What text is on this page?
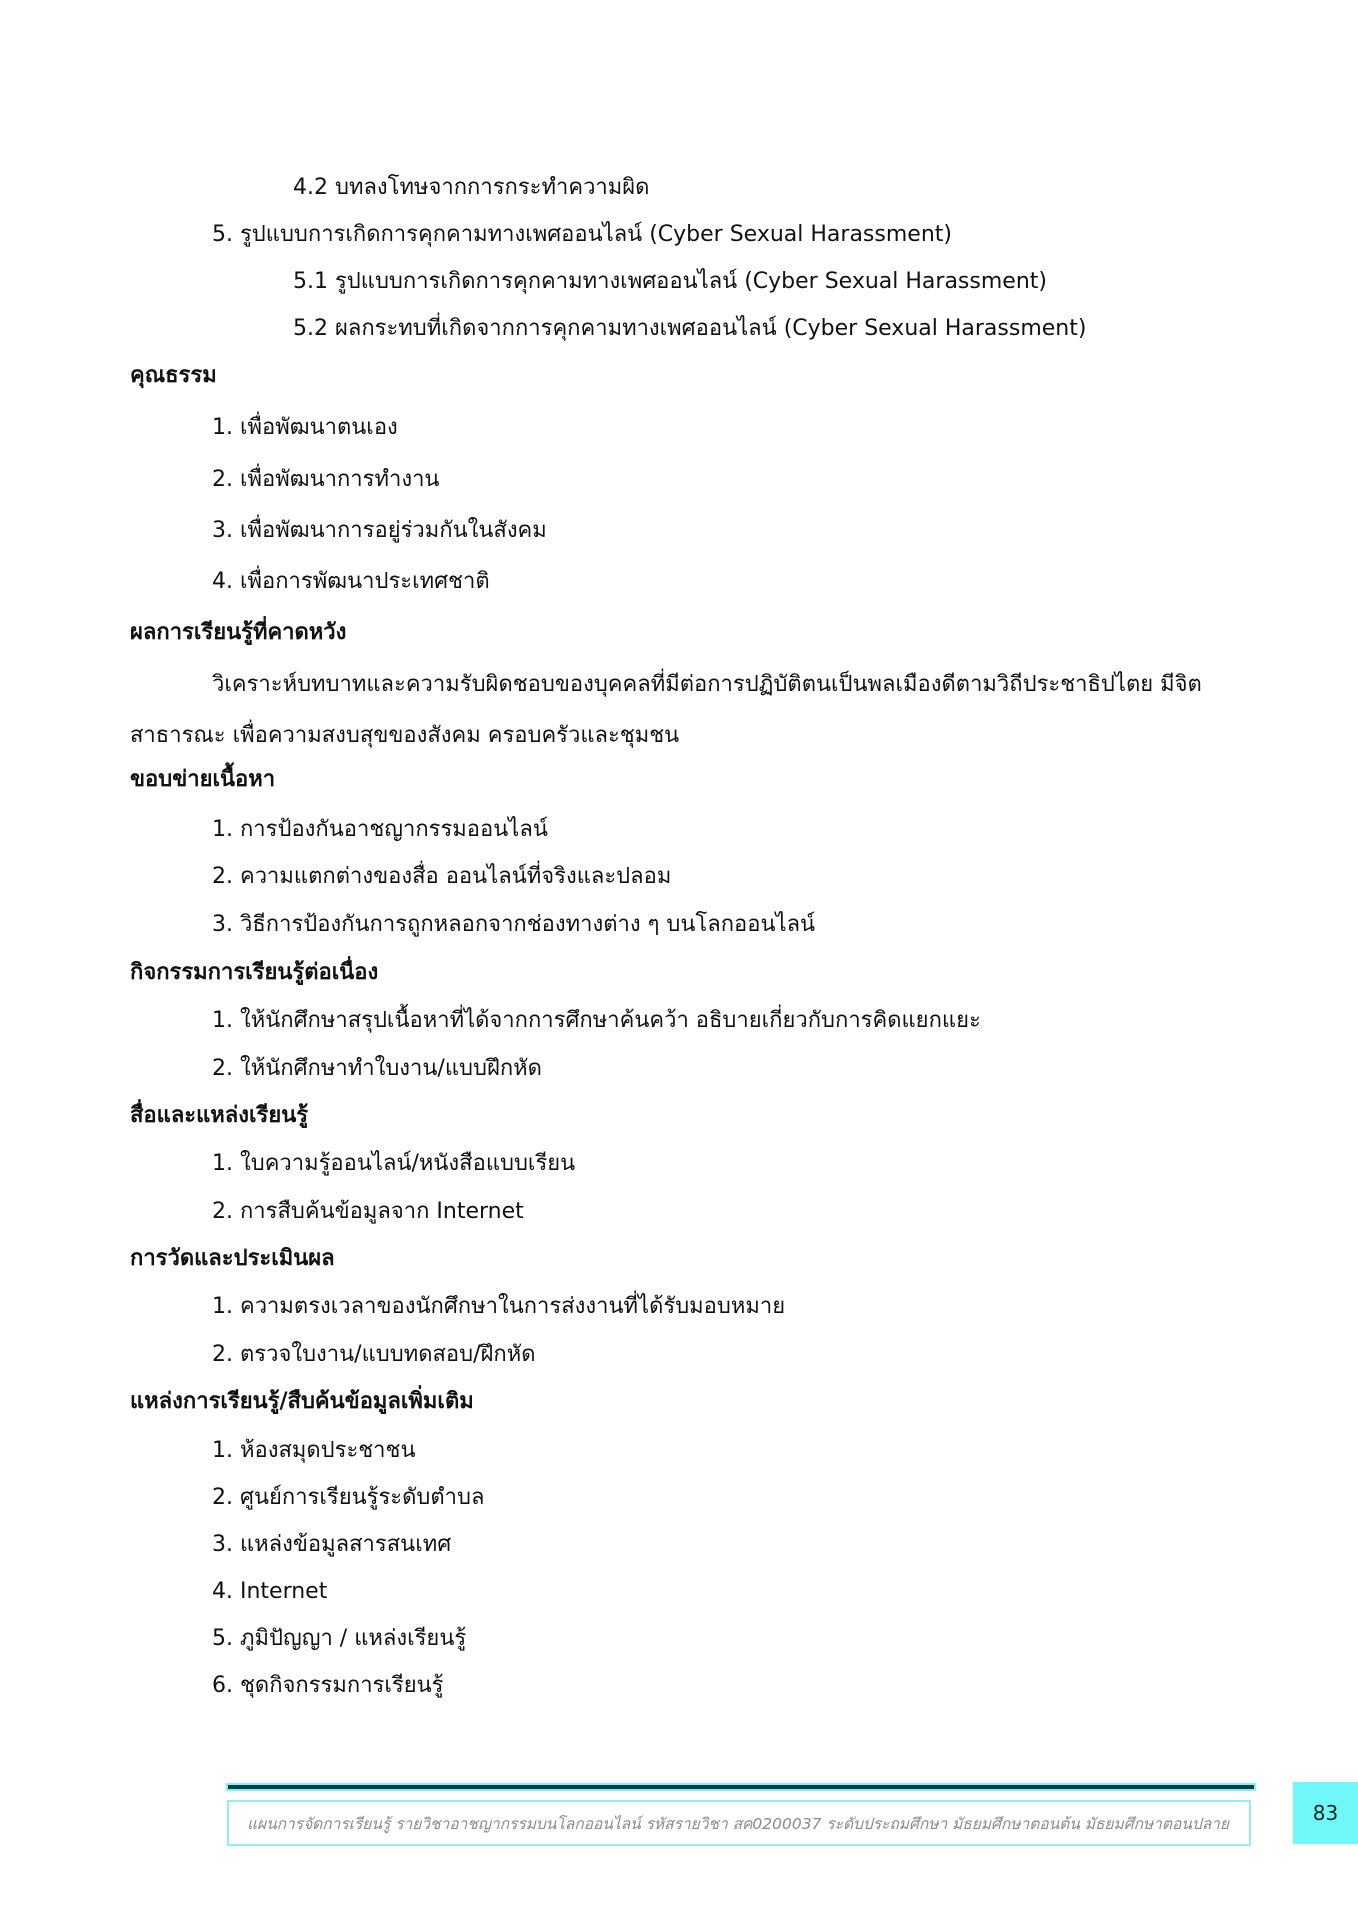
4.2 บทลงโทษจากการกระทำความผิด
5. รูปแบบการเกิดการคุกคามทางเพศออนไลน์ (Cyber Sexual Harassment)
5.1 รูปแบบการเกิดการคุกคามทางเพศออนไลน์ (Cyber Sexual Harassment)
5.2 ผลกระทบที่เกิดจากการคุกคามทางเพศออนไลน์ (Cyber Sexual Harassment)
คุณธรรม
1. เพื่อพัฒนาตนเอง
2. เพื่อพัฒนาการทำงาน
3. เพื่อพัฒนาการอยู่ร่วมกันในสังคม
4. เพื่อการพัฒนาประเทศชาติ
ผลการเรียนรู้ที่คาดหวัง
วิเคราะห์บทบาทและความรับผิดชอบของบุคคลที่มีต่อการปฏิบัติตนเป็นพลเมืองดีตามวิถีประชาธิปไตย มีจิต
สาธารณะ เพื่อความสงบสุขของสังคม ครอบครัวและชุมชน
ขอบข่ายเนื้อหา
1. การป้องกันอาชญากรรมออนไลน์
2. ความแตกต่างของสื่อ ออนไลน์ที่จริงและปลอม
3. วิธีการป้องกันการถูกหลอกจากช่องทางต่าง ๆ บนโลกออนไลน์
กิจกรรมการเรียนรู้ต่อเนื่อง
1. ให้นักศึกษาสรุปเนื้อหาที่ได้จากการศึกษาค้นคว้า อธิบายเกี่ยวกับการคิดแยกแยะ
2. ให้นักศึกษาทำใบงาน/แบบฝึกหัด
สื่อและแหล่งเรียนรู้
1. ใบความรู้ออนไลน์/หนังสือแบบเรียน
2. การสืบค้นข้อมูลจาก Internet
การวัดและประเมินผล
1. ความตรงเวลาของนักศึกษาในการส่งงานที่ได้รับมอบหมาย
2. ตรวจใบงาน/แบบทดสอบ/ฝึกหัด
แหล่งการเรียนรู้/สืบค้นข้อมูลเพิ่มเติม
1. ห้องสมุดประชาชน
2. ศูนย์การเรียนรู้ระดับตำบล
3. แหล่งข้อมูลสารสนเทศ
4. Internet
5. ภูมิปัญญา / แหล่งเรียนรู้
6. ชุดกิจกรรมการเรียนรู้
แผนการจัดการเรียนรู้ รายวิชาอาชญากรรมบนโลกออนไลน์ รหัสรายวิชา สค0200037 ระดับประถมศึกษา มัธยมศึกษาตอนต้น มัธยมศึกษาตอนปลาย	83
